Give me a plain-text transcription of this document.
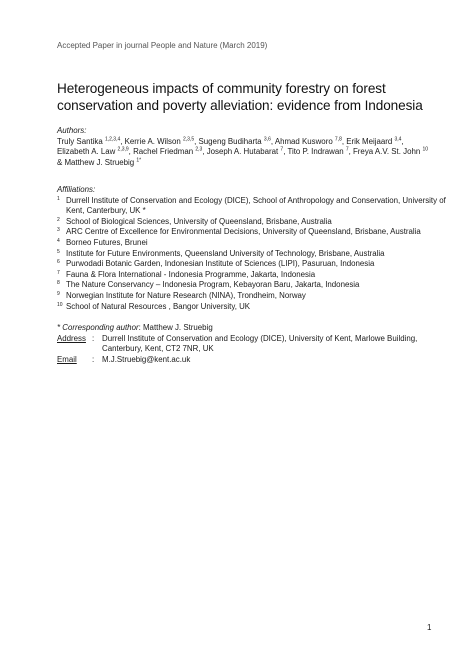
Accepted Paper in journal People and Nature (March 2019)
Heterogeneous impacts of community forestry on forest
conservation and poverty alleviation: evidence from Indonesia
Authors:
Truly Santika $^{1,2,3,4}$, Kerrie A. Wilson $^{2,3,5}$, Sugeng Budiharta $^{3,6}$, Ahmad Kusworo $^{7,8}$, Erik Meijaard $^{3,4}$,
Elizabeth A. Law $^{2,3,9}$, Rachel Friedman $^{2,3}$, Joseph A. Hutabarat $^7$, Tito P. Indrawan $^7$, Freya A.V. St. John $^{10}$
& Matthew J. Struebig $^{1*}$
Affiliations:
1 Durrell Institute of Conservation and Ecology (DICE), School of Anthropology and Conservation, University of Kent, Canterbury, UK *
2 School of Biological Sciences, University of Queensland, Brisbane, Australia
3 ARC Centre of Excellence for Environmental Decisions, University of Queensland, Brisbane, Australia
4 Borneo Futures, Brunei
5 Institute for Future Environments, Queensland University of Technology, Brisbane, Australia
6 Purwodadi Botanic Garden, Indonesian Institute of Sciences (LIPI), Pasuruan, Indonesia
7 Fauna & Flora International - Indonesia Programme, Jakarta, Indonesia
8 The Nature Conservancy – Indonesia Program, Kebayoran Baru, Jakarta, Indonesia
9 Norwegian Institute for Nature Research (NINA), Trondheim, Norway
10 School of Natural Resources , Bangor University, UK
* Corresponding author: Matthew J. Struebig
Address : Durrell Institute of Conservation and Ecology (DICE), University of Kent, Marlowe Building,
Canterbury, Kent, CT2 7NR, UK
Email	: M.J.Struebig@kent.ac.uk
1
